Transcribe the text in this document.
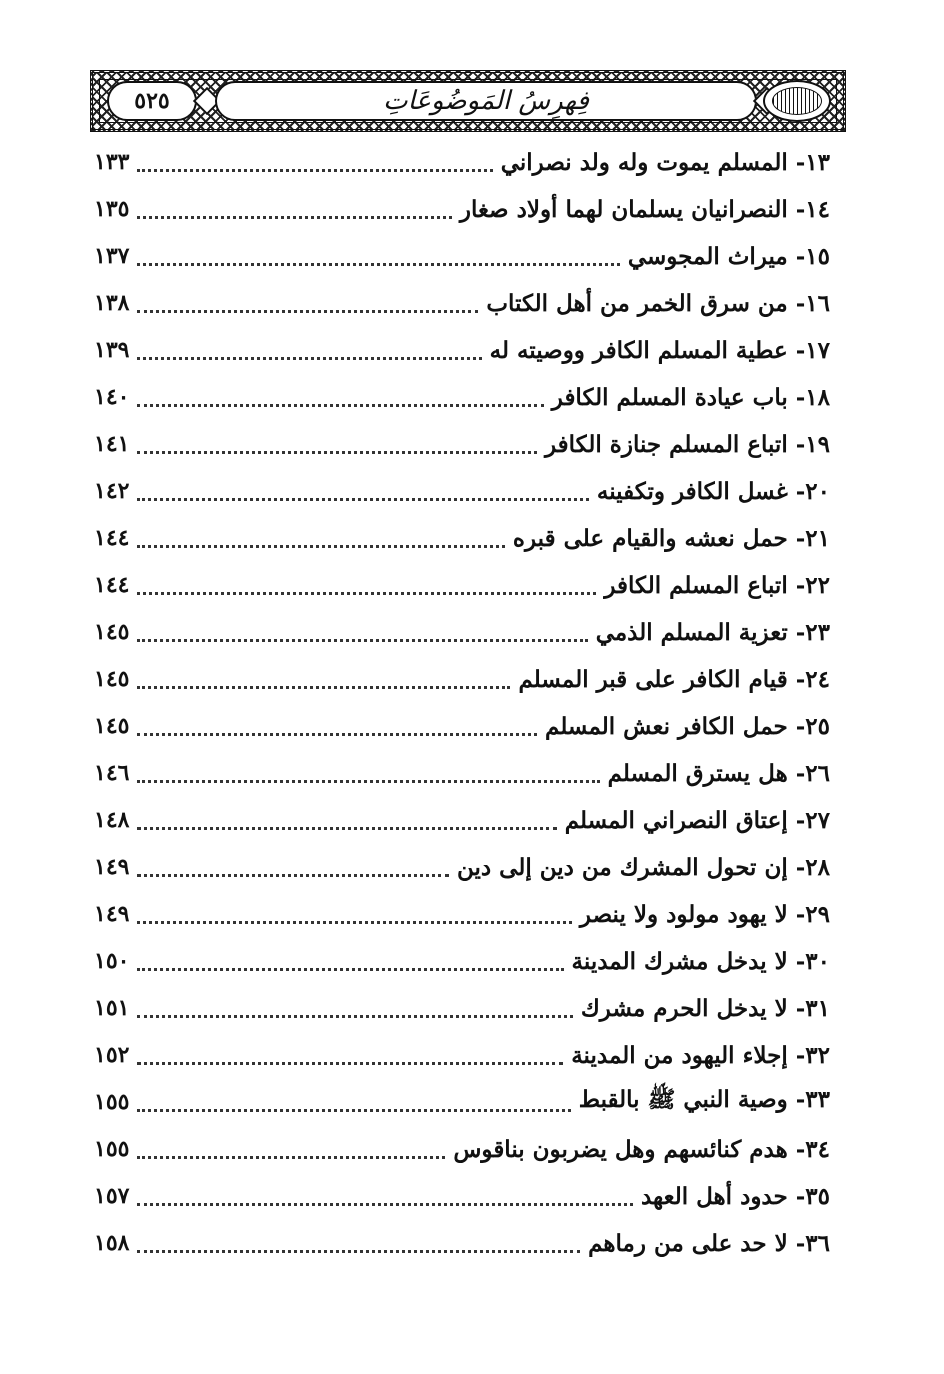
٥٢٥	فِهرِسُ المَوضُوعَاتِ
١٣- المسلم يموت وله ولد نصراني
١٣٣
١٤- النصرانيان يسلمان لهما أولاد صغار
١٣٥
١٥- ميراث المجوسي
١٣٧
١٦- من سرق الخمر من أهل الكتاب
١٣٨
١٧- عطية المسلم الكافر ووصيته له
١٣٩
١٨- باب عيادة المسلم الكافر
١٤٠
١٩- اتباع المسلم جنازة الكافر
١٤١
٢٠- غسل الكافر وتكفينه
١٤٢
٢١- حمل نعشه والقيام على قبره
١٤٤
٢٢- اتباع المسلم الكافر
١٤٤
٢٣- تعزية المسلم الذمي
١٤٥
٢٤- قيام الكافر على قبر المسلم
١٤٥
٢٥- حمل الكافر نعش المسلم
١٤٥
٢٦- هل يسترق المسلم
١٤٦
٢٧- إعتاق النصراني المسلم
١٤٨
٢٨- إن تحول المشرك من دين إلى دين
١٤٩
٢٩- لا يهود مولود ولا ينصر
١٤٩
٣٠- لا يدخل مشرك المدينة
١٥٠
٣١- لا يدخل الحرم مشرك
١٥١
٣٢- إجلاء اليهود من المدينة
١٥٢
٣٣- وصية النبي ﷺ بالقبط
١٥٥
٣٤- هدم كنائسهم وهل يضربون بناقوس
١٥٥
٣٥- حدود أهل العهد
١٥٧
٣٦- لا حد على من رماهم
١٥٨
